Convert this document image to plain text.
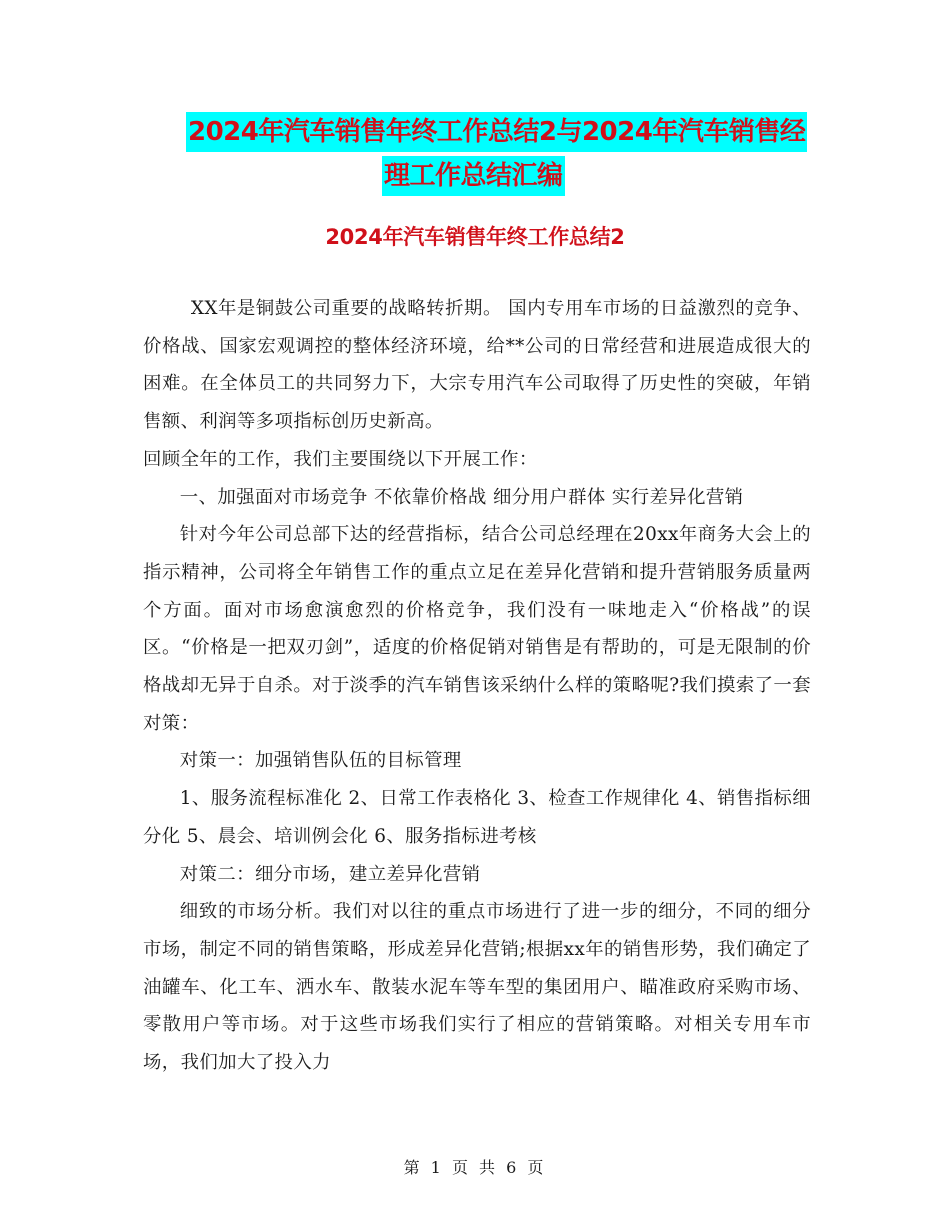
2024年汽车销售年终工作总结2与2024年汽车销售经
理工作总结汇编
2024年汽车销售年终工作总结2

XX年是铜鼓公司重要的战略转折期。 国内专用车市场的日益激烈的竞争、价格战、国家宏观调控的整体经济环境，给**公司的日常经营和进展造成很大的困难。在全体员工的共同努力下，大宗专用汽车公司取得了历史性的突破，年销售额、利润等多项指标创历史新高。

回顾全年的工作，我们主要围绕以下开展工作：

一、加强面对市场竞争 不依靠价格战 细分用户群体 实行差异化营销

针对今年公司总部下达的经营指标，结合公司总经理在20xx年商务大会上的指示精神，公司将全年销售工作的重点立足在差异化营销和提升营销服务质量两个方面。面对市场愈演愈烈的价格竞争，我们没有一味地走入“价格战”的误区。“价格是一把双刃剑”，适度的价格促销对销售是有帮助的，可是无限制的价格战却无异于自杀。对于淡季的汽车销售该采纳什么样的策略呢?我们摸索了一套对策：

对策一：加强销售队伍的目标管理

1、服务流程标准化 2、日常工作表格化 3、检查工作规律化 4、销售指标细分化 5、晨会、培训例会化 6、服务指标进考核

对策二：细分市场，建立差异化营销

细致的市场分析。我们对以往的重点市场进行了进一步的细分，不同的细分市场，制定不同的销售策略，形成差异化营销;根据xx年的销售形势，我们确定了油罐车、化工车、洒水车、散装水泥车等车型的集团用户、瞄准政府采购市场、零散用户等市场。对于这些市场我们实行了相应的营销策略。对相关专用车市场，我们加大了投入力

第 1 页 共 6 页
